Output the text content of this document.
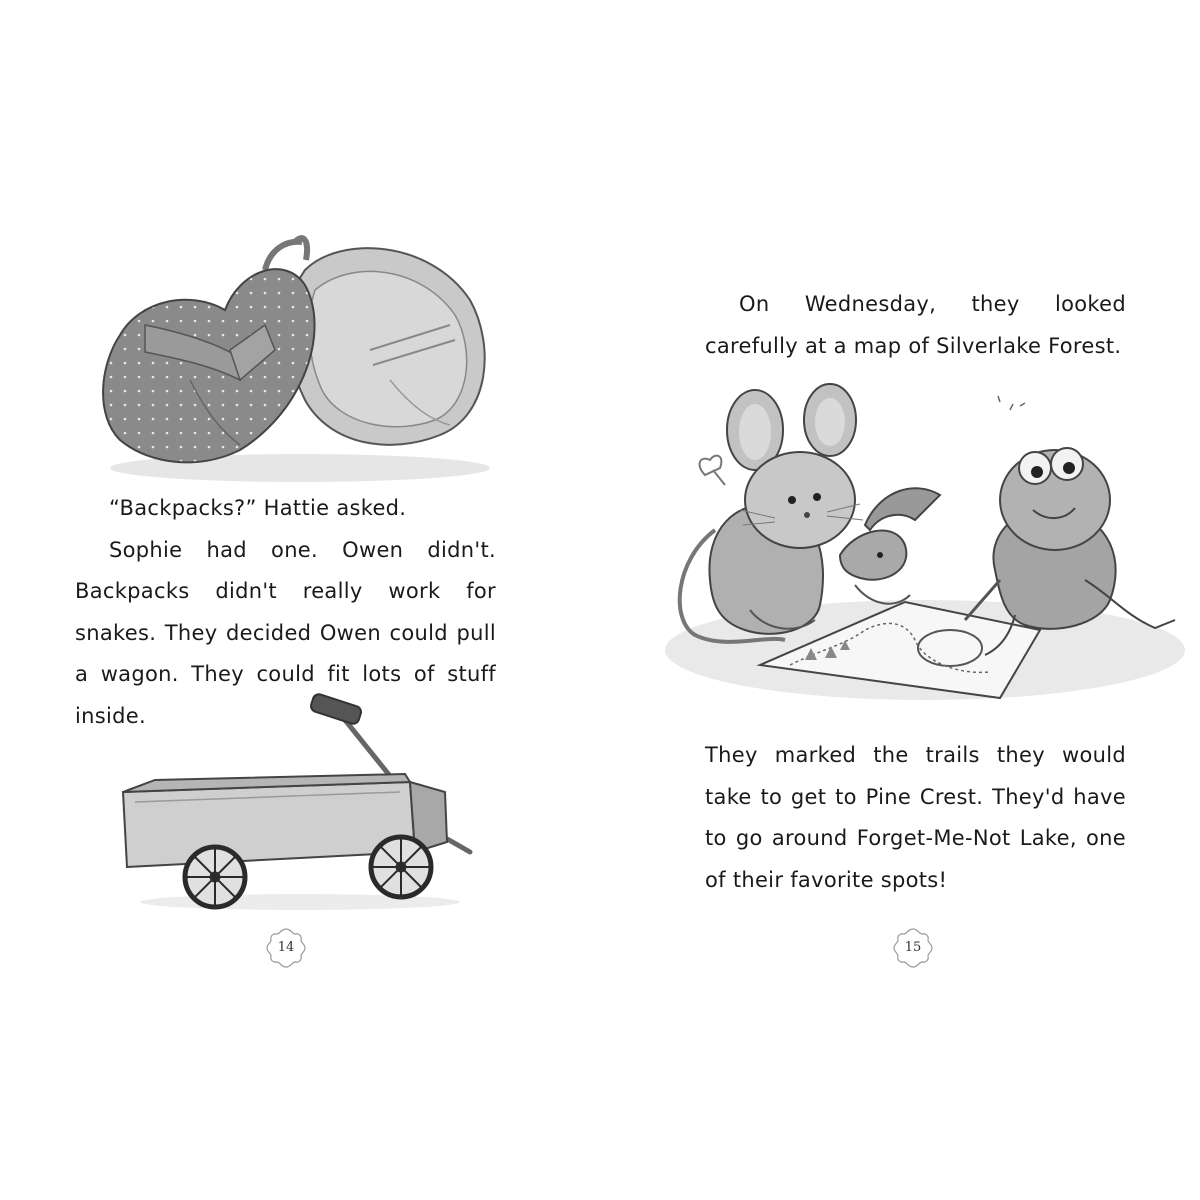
“Backpacks?” Hattie asked.

Sophie had one. Owen didn't. Backpacks didn't really work for snakes. They decided Owen could pull a wagon. They could fit lots of stuff inside.

14

On Wednesday, they looked carefully at a map of Silverlake Forest.

They marked the trails they would take to get to Pine Crest. They'd have to go around Forget-Me-Not Lake, one of their favorite spots!

15
